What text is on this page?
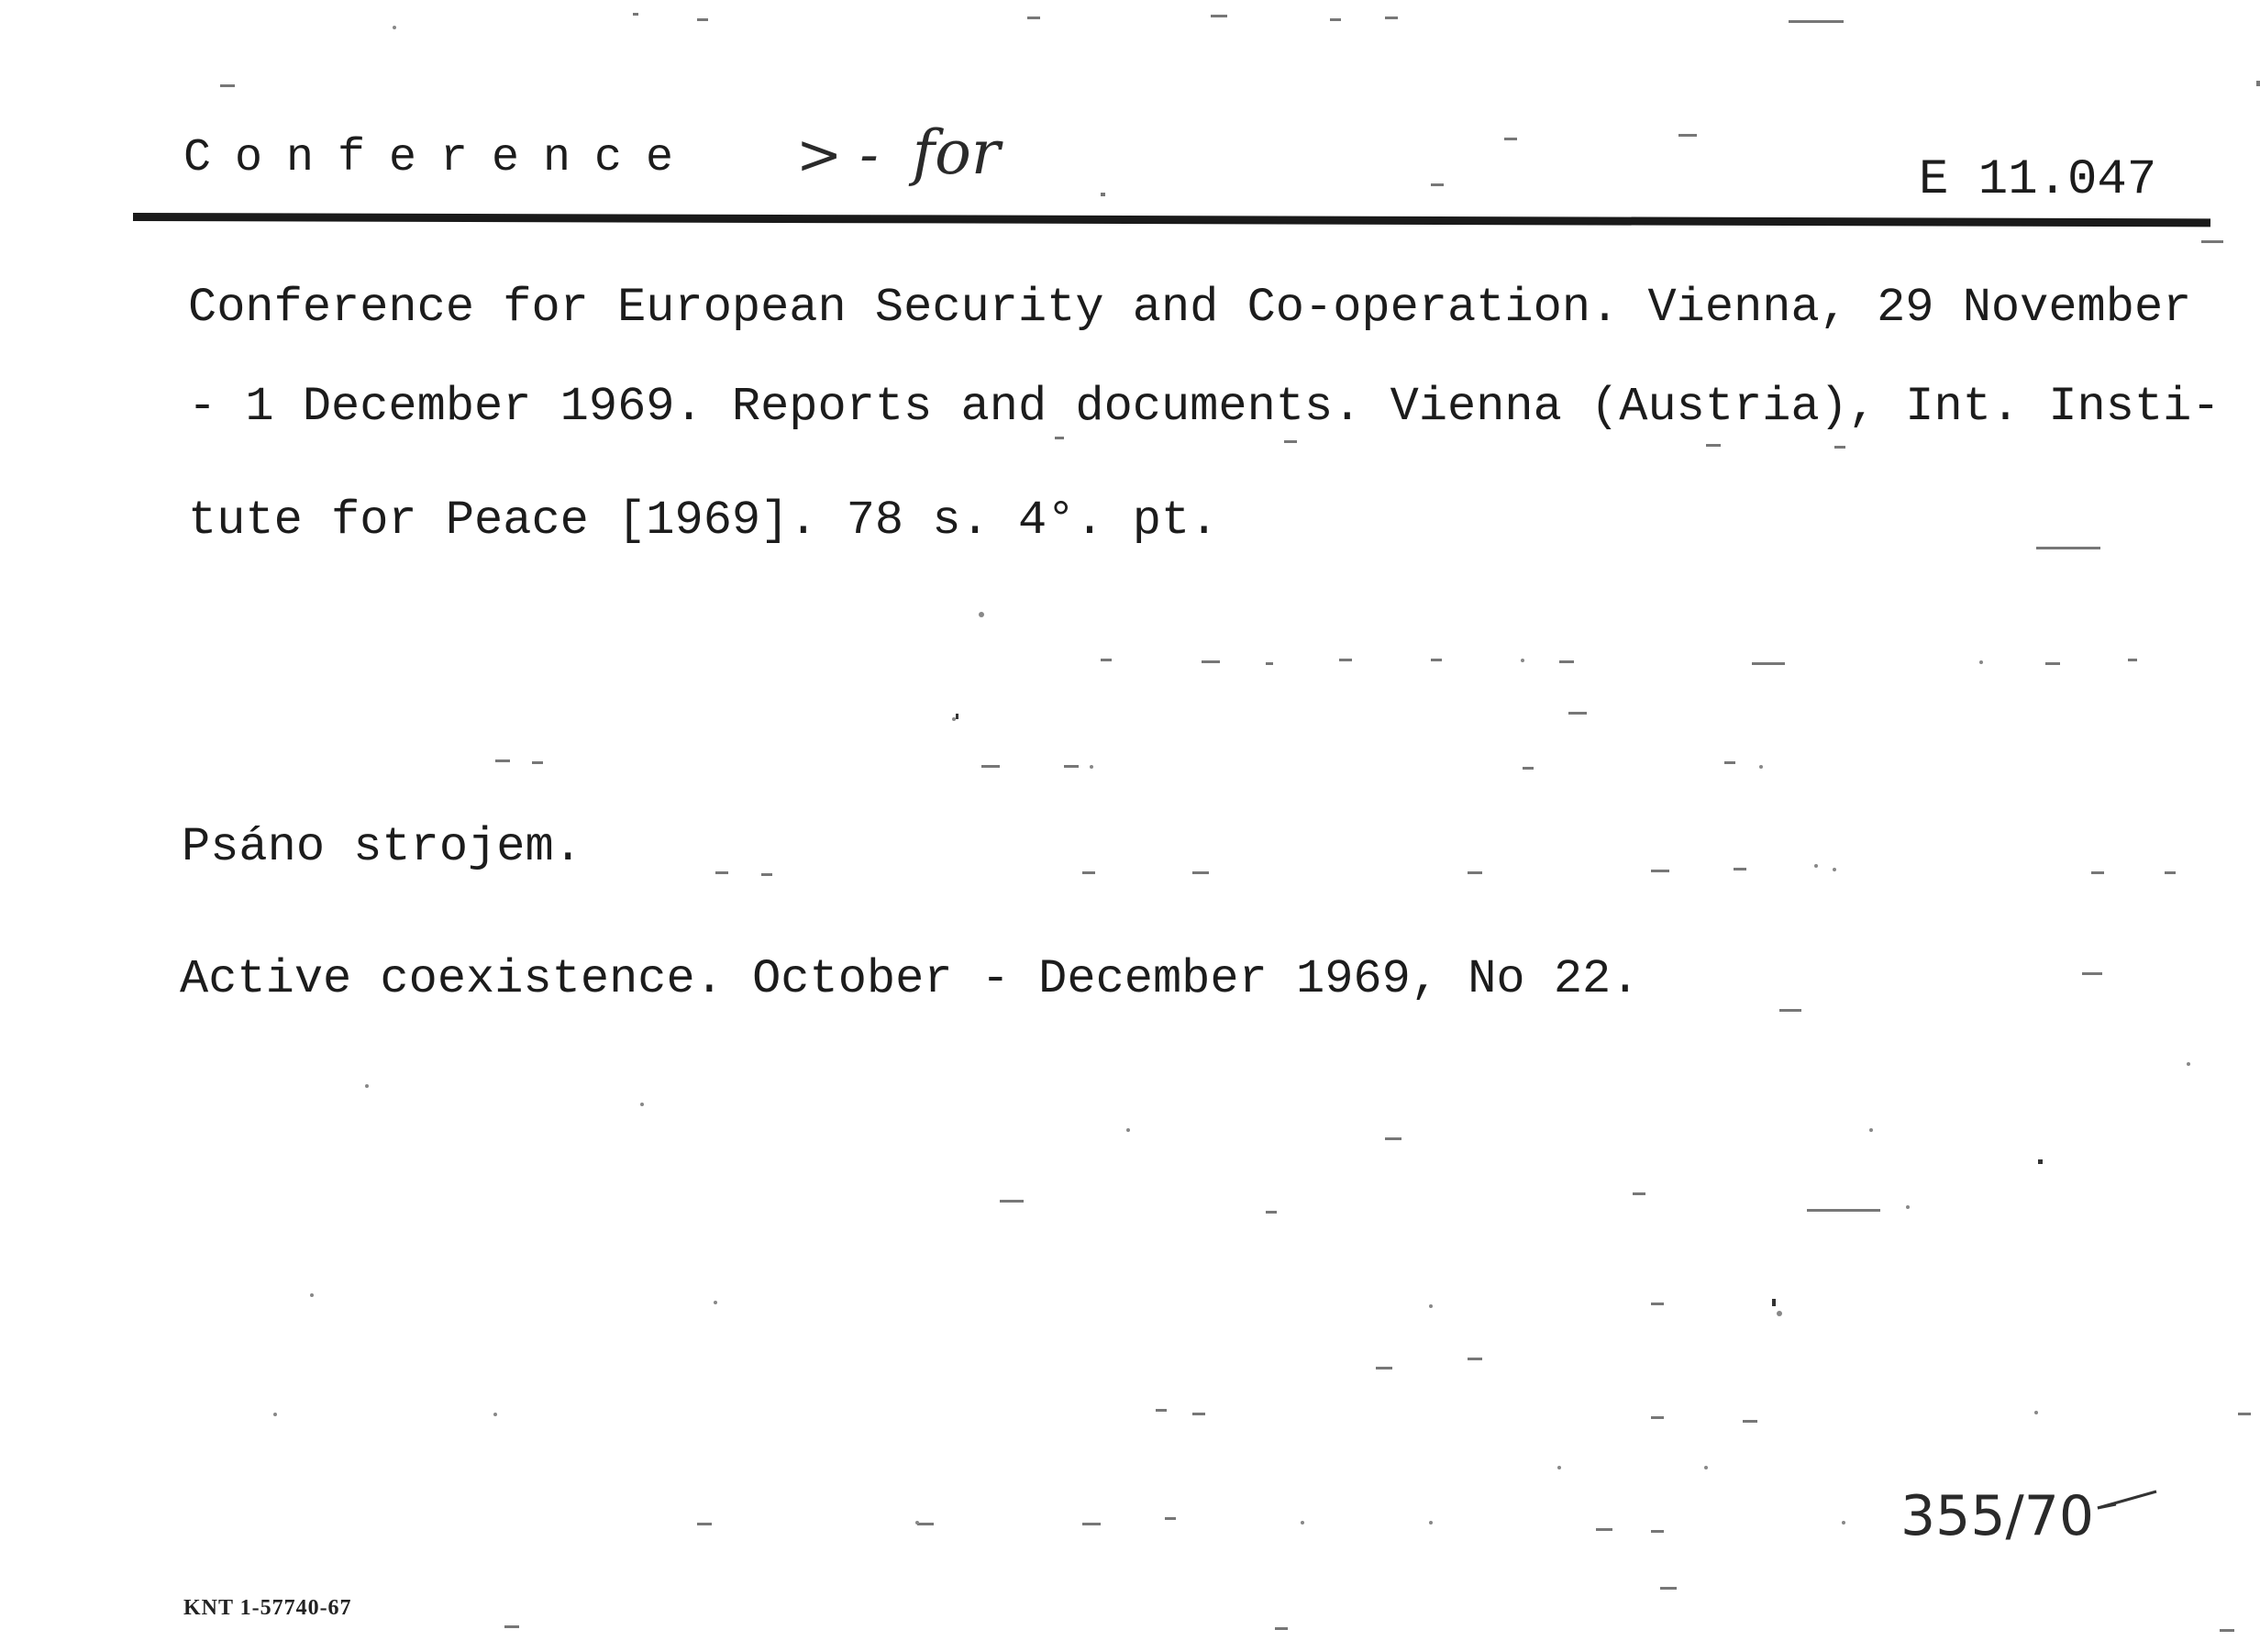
Conference > - for	E 11.047
Conference for European Security and Co-operation. Vienna, 29 November
- 1 December 1969. Reports and documents. Vienna (Austria), Int. Insti-
tute for Peace [1969]. 78 s. 4°. pt.
Psáno strojem.
Active coexistence. October - December 1969, No 22.
355/70
KNT 1-57740-67
